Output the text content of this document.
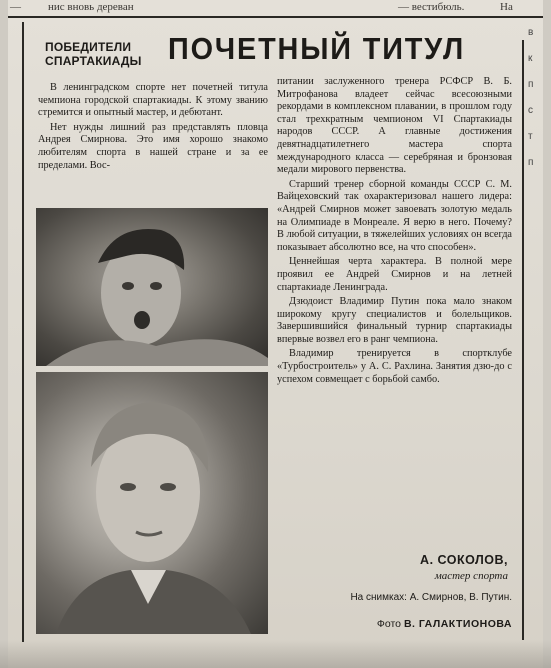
— нис вновь дереван	— вестибюль.	На
в
к
п
с
т
п
ПОБЕДИТЕЛИ СПАРТАКИАДЫ ПОЧЕТНЫЙ ТИТУЛ

В ленинградском спорте нет почетней титула чемпиона городской спартакиады. К этому званию стремится и опытный мастер, и дебютант.

Нет нужды лишний раз представлять пловца Андрея Смирнова. Это имя хорошо знакомо любителям спорта в нашей стране и за ее пределами. Вос-

питании заслуженного тренера РСФСР В. Б. Митрофанова владеет сейчас всесоюзными рекордами в комплексном плавании, в прошлом году стал трехкратным чемпионом VI Спартакиады народов СССР. А главные достижения девятнадцатилетнего мастера спорта международного класса — серебряная и бронзовая медали мирового первенства.

Старший тренер сборной команды СССР С. М. Вайцеховский так охарактеризовал нашего лидера: «Андрей Смирнов может завоевать золотую медаль на Олимпиаде в Монреале. Я верю в него. Почему? В любой ситуации, в тяжелейших условиях он всегда показывает абсолютно все, на что способен».

Ценнейшая черта характера. В полной мере проявил ее Андрей Смирнов и на летней спартакиаде Ленинграда.

Дзюдоист Владимир Путин пока мало знаком широкому кругу специалистов и болельщиков. Завершившийся финальный турнир спартакиады впервые возвел его в ранг чемпиона.

Владимир тренируется в спортклубе «Турбостроитель» у А. С. Рахлина. Занятия дзю-до с успехом совмещает с борьбой самбо.

А. СОКОЛОВ,
мастер спорта
На снимках: А. Смирнов, В. Путин.
Фото В. ГАЛАКТИОНОВА
